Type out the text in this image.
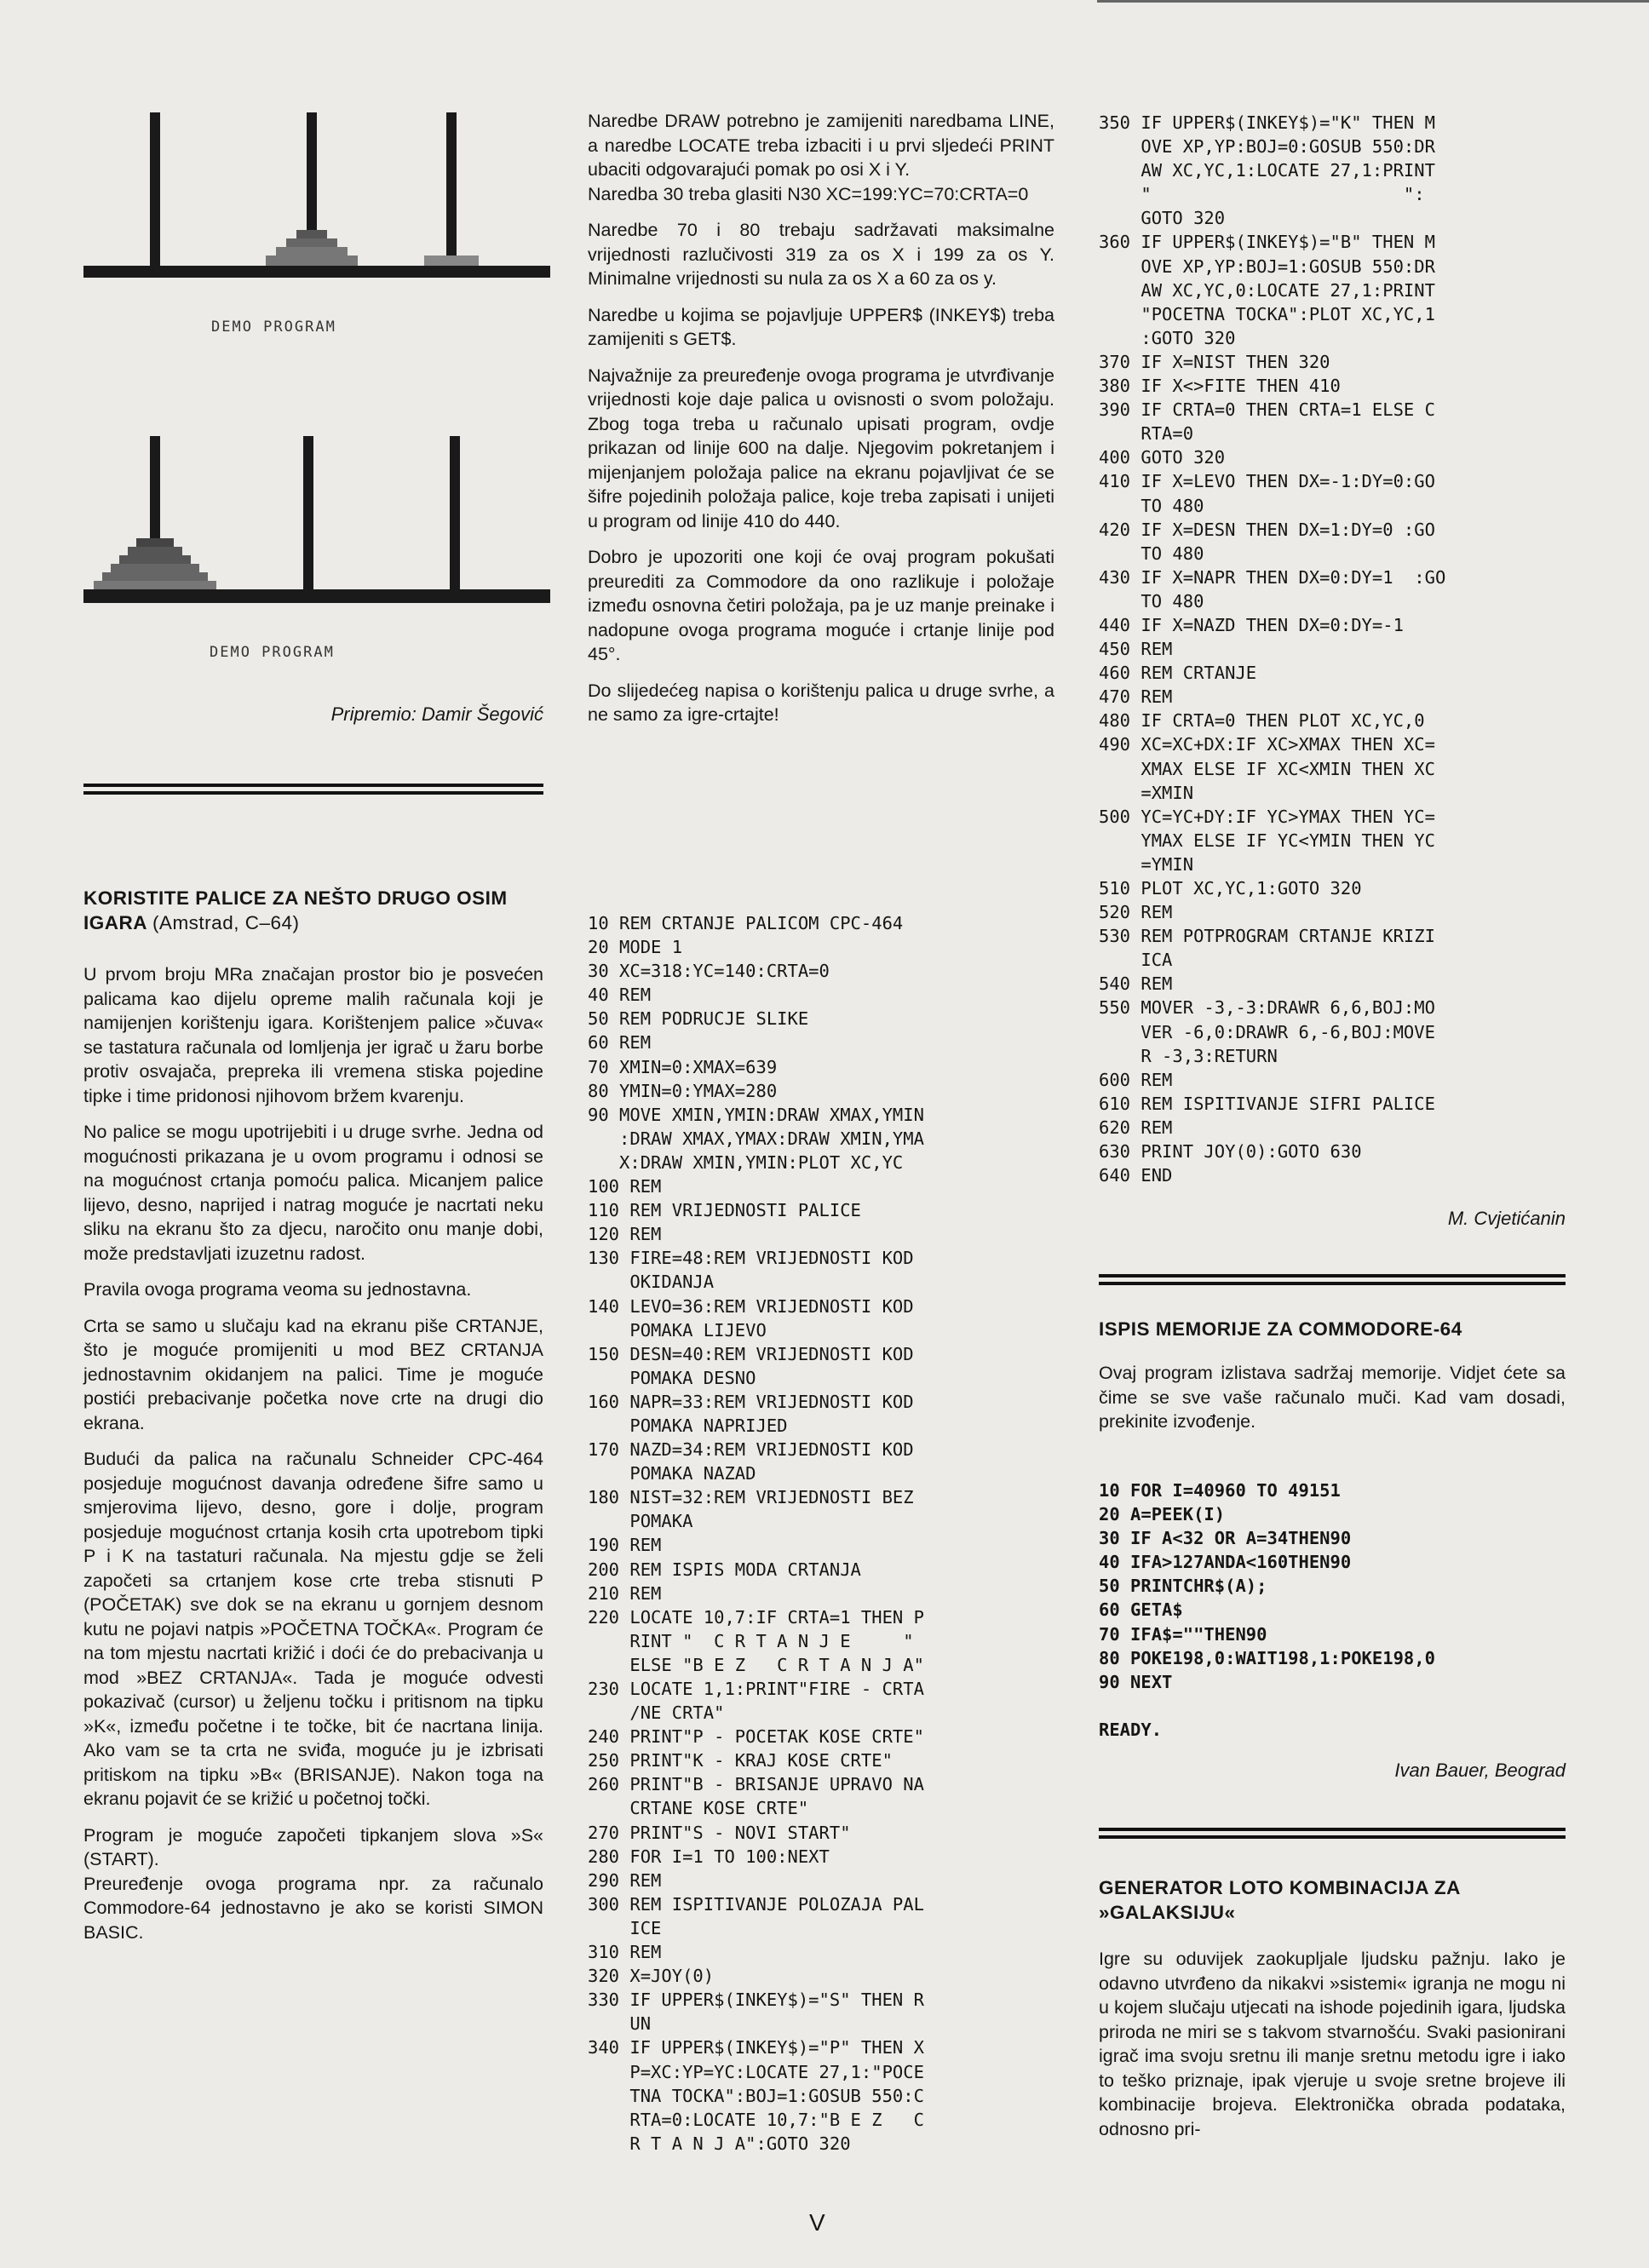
DEMO PROGRAM
DEMO PROGRAM
Pripremio: Damir Šegović
KORISTITE PALICE ZA NEŠTO DRUGO OSIM IGARA (Amstrad, C–64)

U prvom broju MRa značajan prostor bio je posvećen palicama kao dijelu opreme malih računala koji je namijenjen korištenju igara. Korištenjem palice »čuva« se tastatura računala od lomljenja jer igrač u žaru borbe protiv osvajača, prepreka ili vremena stiska pojedine tipke i time pridonosi njihovom bržem kvarenju.

No palice se mogu upotrijebiti i u druge svrhe. Jedna od mogućnosti prikazana je u ovom programu i odnosi se na mogućnost crtanja pomoću palica. Micanjem palice lijevo, desno, naprijed i natrag moguće je nacrtati neku sliku na ekranu što za djecu, naročito onu manje dobi, može predstavljati izuzetnu radost.

Pravila ovoga programa veoma su jednostavna.

Crta se samo u slučaju kad na ekranu piše CRTANJE, što je moguće promijeniti u mod BEZ CRTANJA jednostavnim okidanjem na palici. Time je moguće postići prebacivanje početka nove crte na drugi dio ekrana.

Budući da palica na računalu Schneider CPC-464 posjeduje mogućnost davanja određene šifre samo u smjerovima lijevo, desno, gore i dolje, program posjeduje mogućnost crtanja kosih crta upotrebom tipki P i K na tastaturi računala. Na mjestu gdje se želi započeti sa crtanjem kose crte treba stisnuti P (POČETAK) sve dok se na ekranu u gornjem desnom kutu ne pojavi natpis »POČETNA TOČKA«. Program će na tom mjestu nacrtati križić i doći će do prebacivanja u mod »BEZ CRTANJA«. Tada je moguće odvesti pokazivač (cursor) u željenu točku i pritisnom na tipku »K«, između početne i te točke, bit će nacrtana linija. Ako vam se ta crta ne sviđa, moguće ju je izbrisati pritiskom na tipku »B« (BRISANJE). Nakon toga na ekranu pojavit će se križić u početnoj točki.

Program je moguće započeti tipkanjem slova »S« (START).
Preuređenje ovoga programa npr. za računalo Commodore-64 jednostavno je ako se koristi SIMON BASIC.

Naredbe DRAW potrebno je zamijeniti naredbama LINE, a naredbe LOCATE treba izbaciti i u prvi sljedeći PRINT ubaciti odgovarajući pomak po osi X i Y.
Naredba 30 treba glasiti N30 XC=199:YC=70:CRTA=0

Naredbe 70 i 80 trebaju sadržavati maksimalne vrijednosti razlučivosti 319 za os X i 199 za os Y. Minimalne vrijednosti su nula za os X a 60 za os y.

Naredbe u kojima se pojavljuje UPPER$ (INKEY$) treba zamijeniti s GET$.

Najvažnije za preuređenje ovoga programa je utvrđivanje vrijednosti koje daje palica u ovisnosti o svom položaju. Zbog toga treba u računalo upisati program, ovdje prikazan od linije 600 na dalje. Njegovim pokretanjem i mijenjanjem položaja palice na ekranu pojavljivat će se šifre pojedinih položaja palice, koje treba zapisati i unijeti u program od linije 410 do 440.

Dobro je upozoriti one koji će ovaj program pokušati preurediti za Commodore da ono razlikuje i položaje između osnovna četiri položaja, pa je uz manje preinake i nadopune ovoga programa moguće i crtanje linije pod 45°.

Do slijedećeg napisa o korištenju palica u druge svrhe, a ne samo za igre-crtajte!

10 REM CRTANJE PALICOM CPC-464
20 MODE 1
30 XC=318:YC=140:CRTA=0
40 REM
50 REM PODRUCJE SLIKE
60 REM
70 XMIN=0:XMAX=639
80 YMIN=0:YMAX=280
90 MOVE XMIN,YMIN:DRAW XMAX,YMIN
:DRAW XMAX,YMAX:DRAW XMIN,YMA
X:DRAW XMIN,YMIN:PLOT XC,YC
100 REM
110 REM VRIJEDNOSTI PALICE
120 REM
130 FIRE=48:REM VRIJEDNOSTI KOD
OKIDANJA
140 LEVO=36:REM VRIJEDNOSTI KOD
POMAKA LIJEVO
150 DESN=40:REM VRIJEDNOSTI KOD
POMAKA DESNO
160 NAPR=33:REM VRIJEDNOSTI KOD
POMAKA NAPRIJED
170 NAZD=34:REM VRIJEDNOSTI KOD
POMAKA NAZAD
180 NIST=32:REM VRIJEDNOSTI BEZ
POMAKA
190 REM
200 REM ISPIS MODA CRTANJA
210 REM
220 LOCATE 10,7:IF CRTA=1 THEN P
RINT "  C R T A N J E     "
ELSE "B E Z   C R T A N J A"
230 LOCATE 1,1:PRINT"FIRE - CRTA
/NE CRTA"
240 PRINT"P - POCETAK KOSE CRTE"
250 PRINT"K - KRAJ KOSE CRTE"
260 PRINT"B - BRISANJE UPRAVO NA
CRTANE KOSE CRTE"
270 PRINT"S - NOVI START"
280 FOR I=1 TO 100:NEXT
290 REM
300 REM ISPITIVANJE POLOZAJA PAL
ICE
310 REM
320 X=JOY(0)
330 IF UPPER$(INKEY$)="S" THEN R
UN
340 IF UPPER$(INKEY$)="P" THEN X
P=XC:YP=YC:LOCATE 27,1:"POCE
TNA TOCKA":BOJ=1:GOSUB 550:C
RTA=0:LOCATE 10,7:"B E Z   C
R T A N J A":GOTO 320
350 IF UPPER$(INKEY$)="K" THEN M
OVE XP,YP:BOJ=0:GOSUB 550:DR
AW XC,YC,1:LOCATE 27,1:PRINT
"                        ":
GOTO 320
360 IF UPPER$(INKEY$)="B" THEN M
OVE XP,YP:BOJ=1:GOSUB 550:DR
AW XC,YC,0:LOCATE 27,1:PRINT
"POCETNA TOCKA":PLOT XC,YC,1
:GOTO 320
370 IF X=NIST THEN 320
380 IF X<>FITE THEN 410
390 IF CRTA=0 THEN CRTA=1 ELSE C
RTA=0
400 GOTO 320
410 IF X=LEVO THEN DX=-1:DY=0:GO
TO 480
420 IF X=DESN THEN DX=1:DY=0 :GO
TO 480
430 IF X=NAPR THEN DX=0:DY=1  :GO
TO 480
440 IF X=NAZD THEN DX=0:DY=-1
450 REM
460 REM CRTANJE
470 REM
480 IF CRTA=0 THEN PLOT XC,YC,0
490 XC=XC+DX:IF XC>XMAX THEN XC=
XMAX ELSE IF XC<XMIN THEN XC
=XMIN
500 YC=YC+DY:IF YC>YMAX THEN YC=
YMAX ELSE IF YC<YMIN THEN YC
=YMIN
510 PLOT XC,YC,1:GOTO 320
520 REM
530 REM POTPROGRAM CRTANJE KRIZI
ICA
540 REM
550 MOVER -3,-3:DRAWR 6,6,BOJ:MO
VER -6,0:DRAWR 6,-6,BOJ:MOVE
R -3,3:RETURN
600 REM
610 REM ISPITIVANJE SIFRI PALICE
620 REM
630 PRINT JOY(0):GOTO 630
640 END
M. Cvjetićanin
ISPIS MEMORIJE ZA COMMODORE-64

Ovaj program izlistava sadržaj memorije. Vidjet ćete sa čime se sve vaše računalo muči. Kad vam dosadi, prekinite izvođenje.

10 FOR I=40960 TO 49151
20 A=PEEK(I)
30 IF A<32 OR A=34THEN90
40 IFA>127ANDA<160THEN90
50 PRINTCHR$(A);
60 GETA$
70 IFA$=""THEN90
80 POKE198,0:WAIT198,1:POKE198,0
90 NEXT

READY.
Ivan Bauer, Beograd
GENERATOR LOTO KOMBINACIJA ZA »GALAKSIJU«

Igre su oduvijek zaokupljale ljudsku pažnju. Iako je odavno utvrđeno da nikakvi »sistemi« igranja ne mogu ni u kojem slučaju utjecati na ishode pojedinih igara, ljudska priroda ne miri se s takvom stvarnošću. Svaki pasionirani igrač ima svoju sretnu ili manje sretnu metodu igre i iako to teško priznaje, ipak vjeruje u svoje sretne brojeve ili kombinacije brojeva. Elektronička obrada podataka, odnosno pri-

V
